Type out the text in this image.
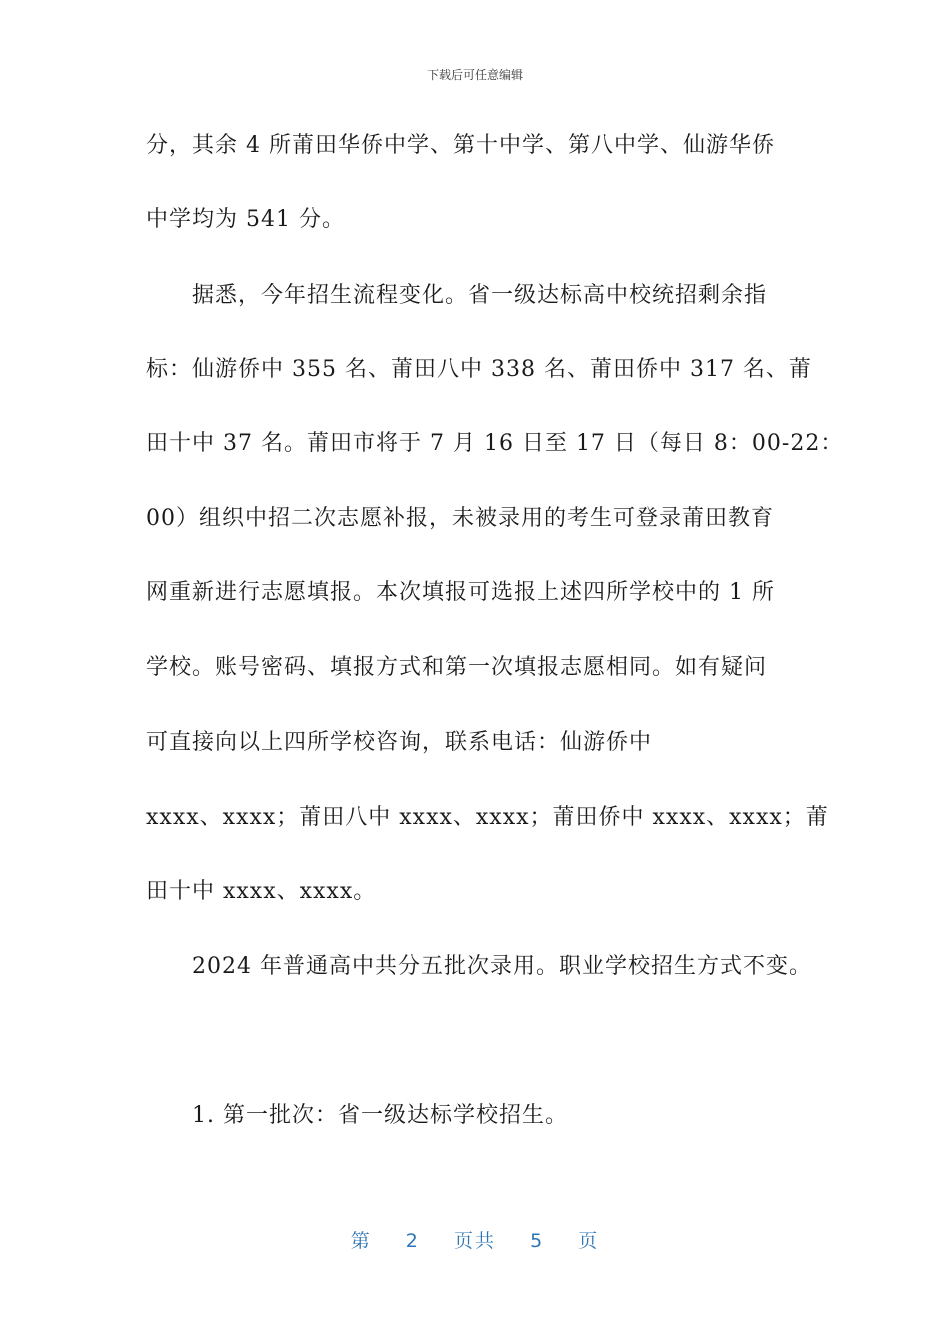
下载后可任意编辑
分，其余 4 所莆田华侨中学、第十中学、第八中学、仙游华侨
中学均为 541 分。
据悉，今年招生流程变化。省一级达标高中校统招剩余指
标：仙游侨中 355 名、莆田八中 338 名、莆田侨中 317 名、莆
田十中 37 名。莆田市将于 7 月 16 日至 17 日（每日 8：00-22：
00）组织中招二次志愿补报，未被录用的考生可登录莆田教育
网重新进行志愿填报。本次填报可选报上述四所学校中的 1 所
学校。账号密码、填报方式和第一次填报志愿相同。如有疑问
可直接向以上四所学校咨询，联系电话：仙游侨中
xxxx、xxxx；莆田八中 xxxx、xxxx；莆田侨中 xxxx、xxxx；莆
田十中 xxxx、xxxx。
2024 年普通高中共分五批次录用。职业学校招生方式不变。
1. 第一批次：省一级达标学校招生。
第 2 页共 5 页
